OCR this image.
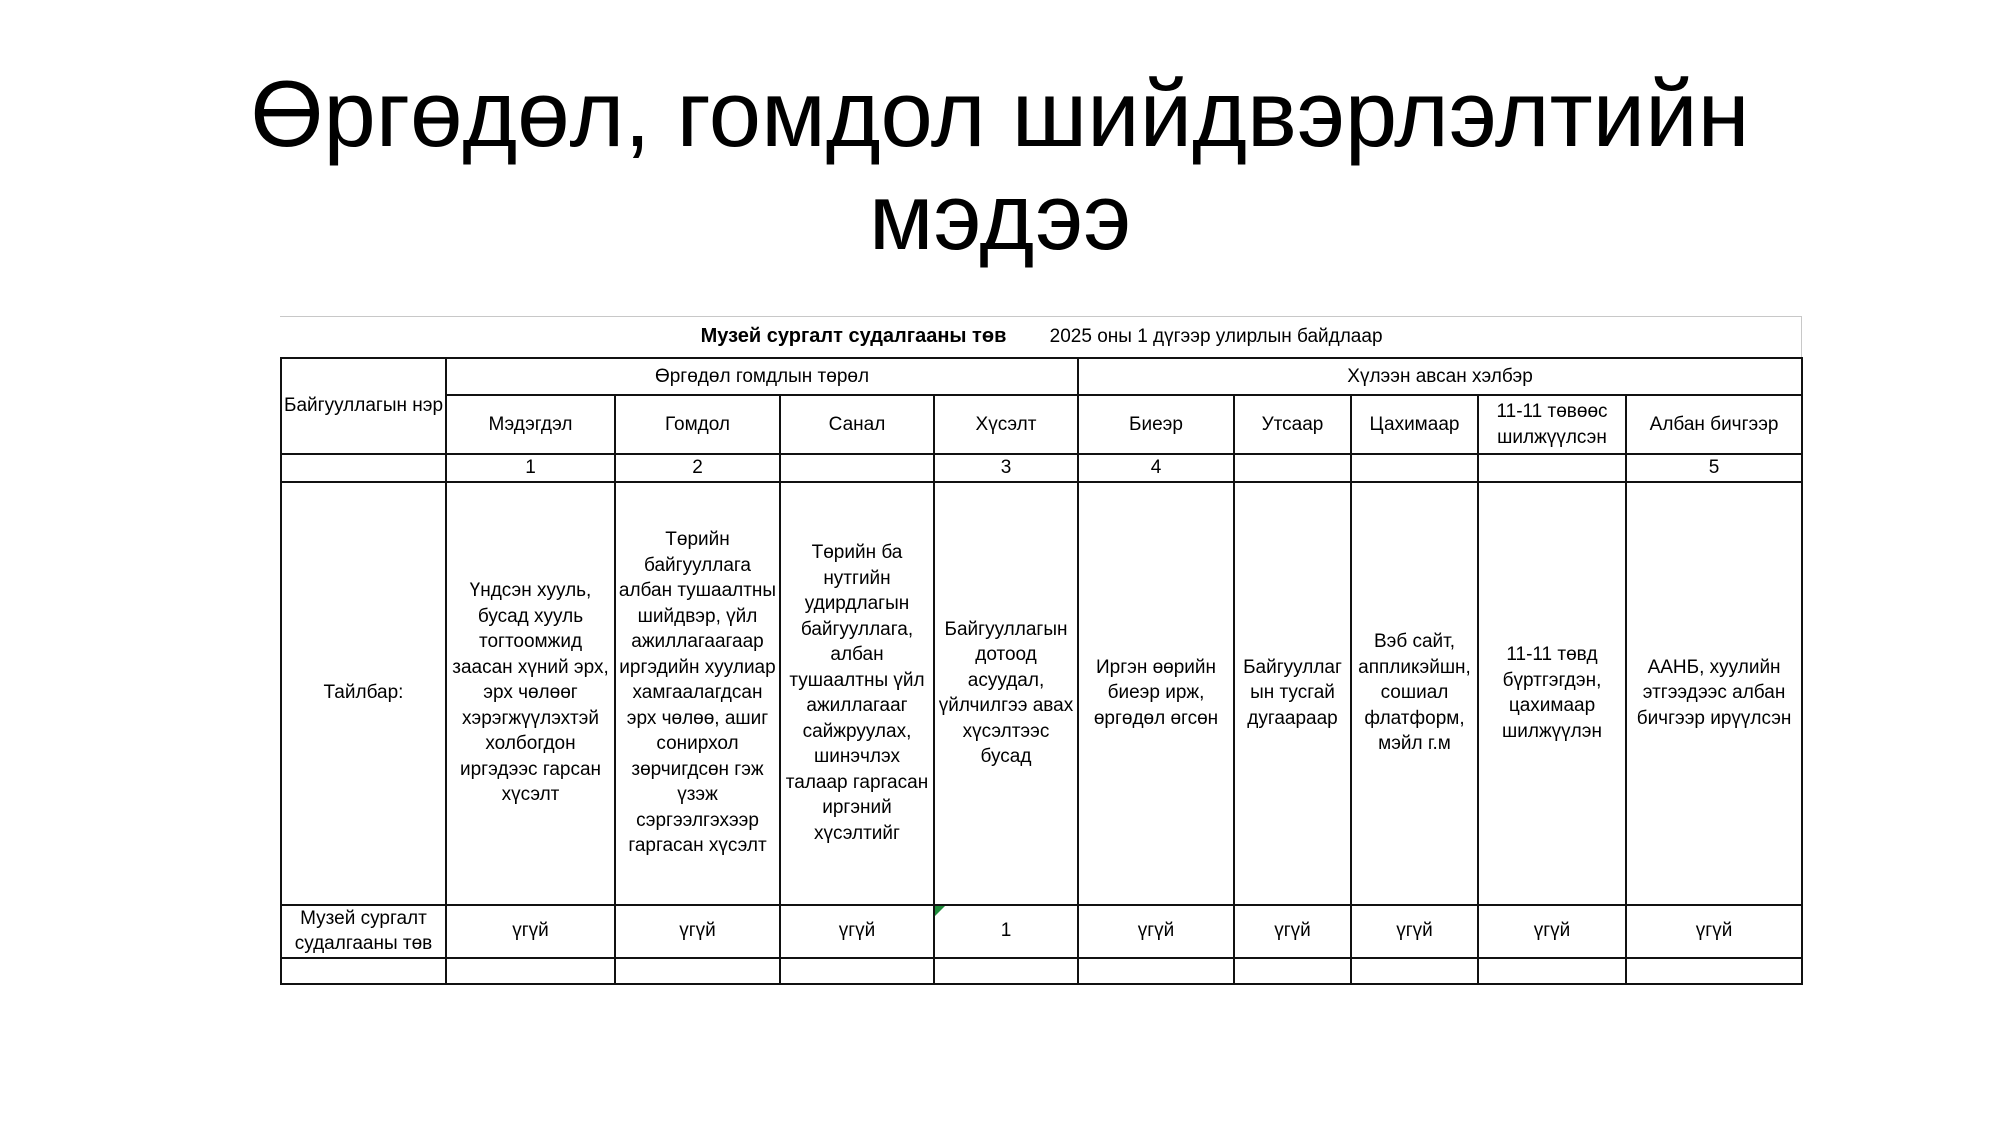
Өргөдөл, гомдол шийдвэрлэлтийн
мэдээ
Музей сургалт судалгааны төв 2025 оны 1 дүгээр улирлын байдлаар									
Байгууллагын нэр	Өргөдөл гомдлын төрөл				Хүлээн авсан хэлбэр				
	Мэдэгдэл	Гомдол	Санал	Хүсэлт	Биеэр	Утсаар	Цахимаар	11-11 төвөөс шилжүүлсэн	Албан бичгээр
	1	2		3	4				5
Тайлбар:	Үндсэн хууль, бусад хууль тогтоомжид заасан хүний эрх, эрх чөлөөг хэрэгжүүлэхтэй холбогдон иргэдээс гарсан хүсэлт	Төрийн байгууллага албан тушаалтны шийдвэр, үйл ажиллагаагаар иргэдийн хуулиар хамгаалагдсан эрх чөлөө, ашиг сонирхол зөрчигдсөн гэж үзэж сэргээлгэхээр гаргасан хүсэлт	Төрийн ба нутгийн удирдлагын байгууллага, албан тушаалтны үйл ажиллагааг сайжруулах, шинэчлэх талаар гаргасан иргэний хүсэлтийг	Байгууллагын дотоод асуудал, үйлчилгээ авах хүсэлтээс бусад	Иргэн өөрийн биеэр ирж, өргөдөл өгсөн	Байгууллагын тусгай дугаараар	Вэб сайт, аппликэйшн, сошиал флатформ, мэйл г.м	11-11 төвд бүртгэгдэн, цахимаар шилжүүлэн	ААНБ, хуулийн этгээдээс албан бичгээр ирүүлсэн
Музей сургалт судалгааны төв	үгүй	үгүй	үгүй	1	үгүй	үгүй	үгүй	үгүй	үгүй
